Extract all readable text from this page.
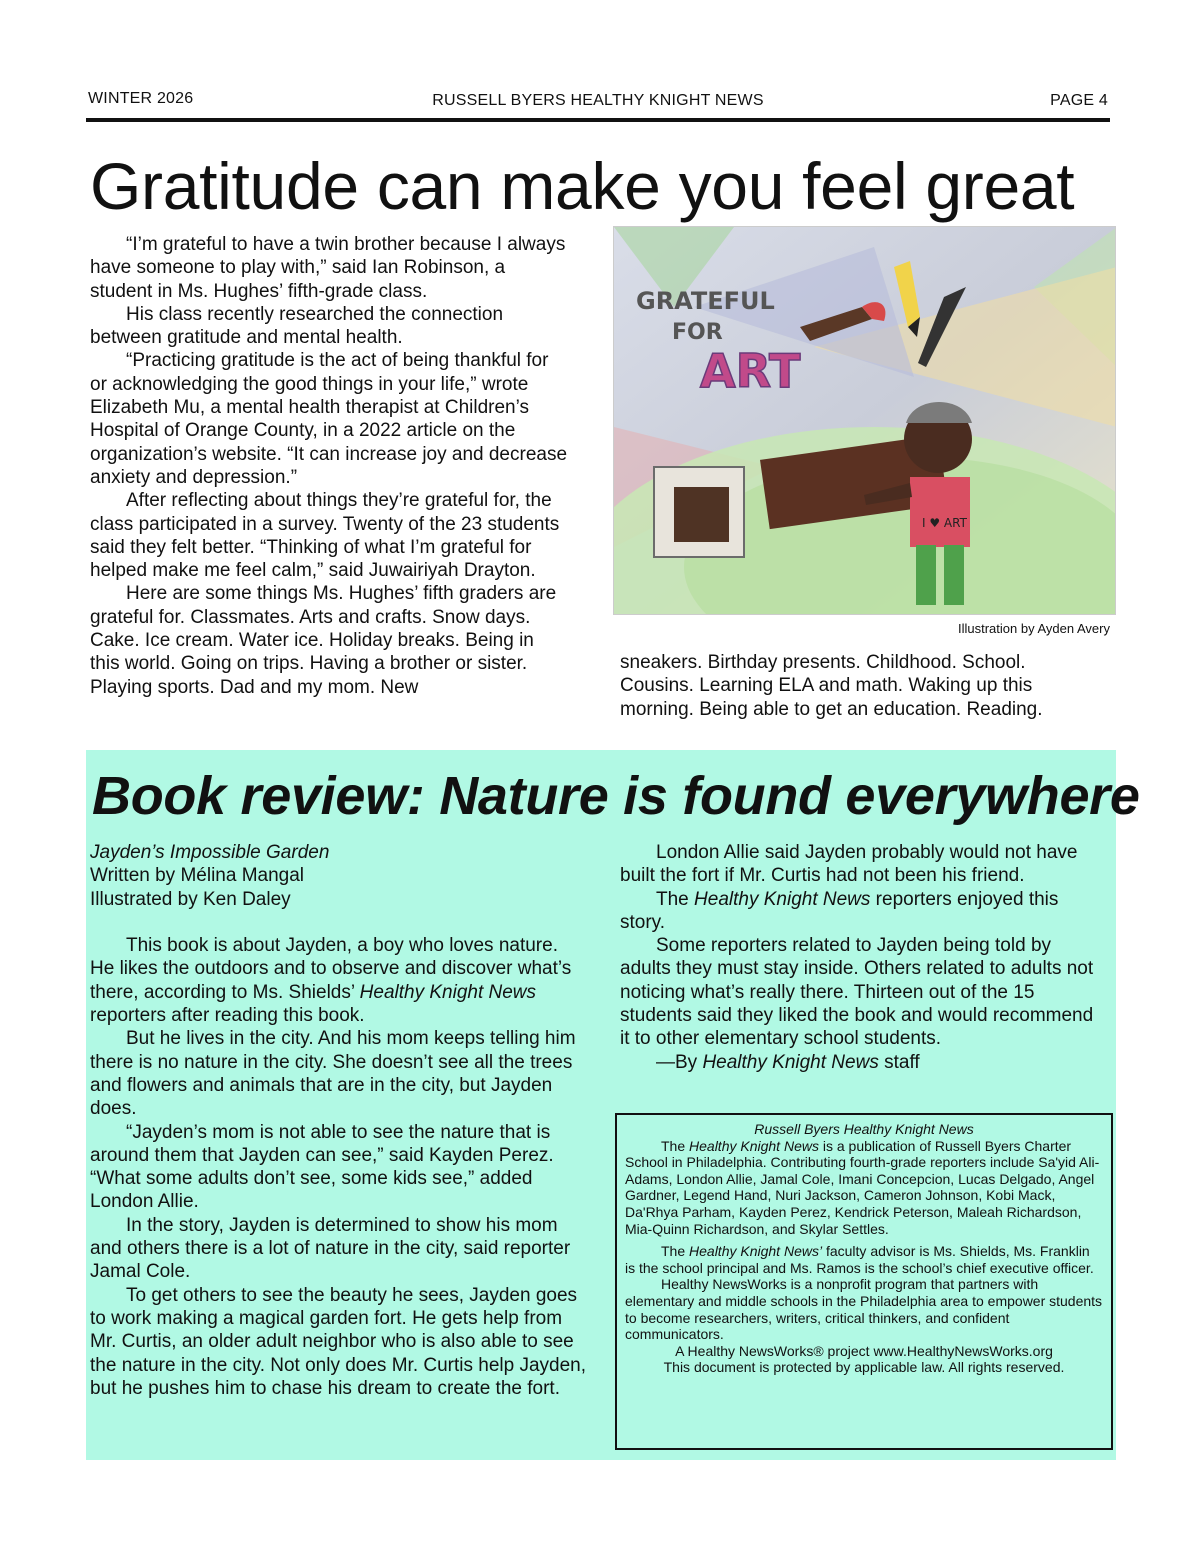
WINTER 2026	RUSSELL BYERS HEALTHY KNIGHT NEWS	PAGE 4
Gratitude can make you feel great

“I’m grateful to have a twin brother because I always have someone to play with,” said Ian Robinson, a student in Ms. Hughes’ fifth-grade class.

His class recently researched the connection between gratitude and mental health.

“Practicing gratitude is the act of being thankful for or acknowledging the good things in your life,” wrote Elizabeth Mu, a mental health therapist at Children’s Hospital of Orange County, in a 2022 article on the organization’s website. “It can increase joy and decrease anxiety and depression.”

After reflecting about things they’re grateful for, the class participated in a survey. Twenty of the 23 students said they felt better. “Thinking of what I’m grateful for helped make me feel calm,” said Juwairiyah Drayton.

Here are some things Ms. Hughes’ fifth graders are grateful for. Classmates. Arts and crafts. Snow days. Cake. Ice cream. Water ice. Holiday breaks. Being in this world. Going on trips. Having a brother or sister. Playing sports. Dad and my mom. New

GRATEFUL
FOR
ART
I ♥ ART
Illustration by Ayden Avery

sneakers. Birthday presents. Childhood. School. Cousins. Learning ELA and math. Waking up this morning. Being able to get an education. Reading.

Book review: Nature is found everywhere

Jayden’s Impossible Garden

Written by Mélina Mangal

Illustrated by Ken Daley

This book is about Jayden, a boy who loves nature. He likes the outdoors and to observe and discover what’s there, according to Ms. Shields’ Healthy Knight News reporters after reading this book.

But he lives in the city. And his mom keeps telling him there is no nature in the city. She doesn’t see all the trees and flowers and animals that are in the city, but Jayden does.

“Jayden’s mom is not able to see the nature that is around them that Jayden can see,” said Kayden Perez. “What some adults don’t see, some kids see,” added London Allie.

In the story, Jayden is determined to show his mom and others there is a lot of nature in the city, said reporter Jamal Cole.

To get others to see the beauty he sees, Jayden goes to work making a magical garden fort. He gets help from Mr. Curtis, an older adult neighbor who is also able to see the nature in the city. Not only does Mr. Curtis help Jayden, but he pushes him to chase his dream to create the fort.

London Allie said Jayden probably would not have built the fort if Mr. Curtis had not been his friend.

The Healthy Knight News reporters enjoyed this story.

Some reporters related to Jayden being told by adults they must stay inside. Others related to adults not noticing what’s really there. Thirteen out of the 15 students said they liked the book and would recommend it to other elementary school students.

—By Healthy Knight News staff

Russell Byers Healthy Knight News

The Healthy Knight News is a publication of Russell Byers Charter School in Philadelphia. Contributing fourth-grade reporters include Sa'yid Ali-Adams, London Allie, Jamal Cole, Imani Concepcion, Lucas Delgado, Angel Gardner, Legend Hand, Nuri Jackson, Cameron Johnson, Kobi Mack, Da'Rhya Parham, Kayden Perez, Kendrick Peterson, Maleah Richardson, Mia-Quinn Richardson, and Skylar Settles.

The Healthy Knight News’ faculty advisor is Ms. Shields, Ms. Franklin is the school principal and Ms. Ramos is the school’s chief executive officer.

Healthy NewsWorks is a nonprofit program that partners with elementary and middle schools in the Philadelphia area to empower students to become researchers, writers, critical thinkers, and confident communicators.

A Healthy NewsWorks® project www.HealthyNewsWorks.org

This document is protected by applicable law. All rights reserved.
